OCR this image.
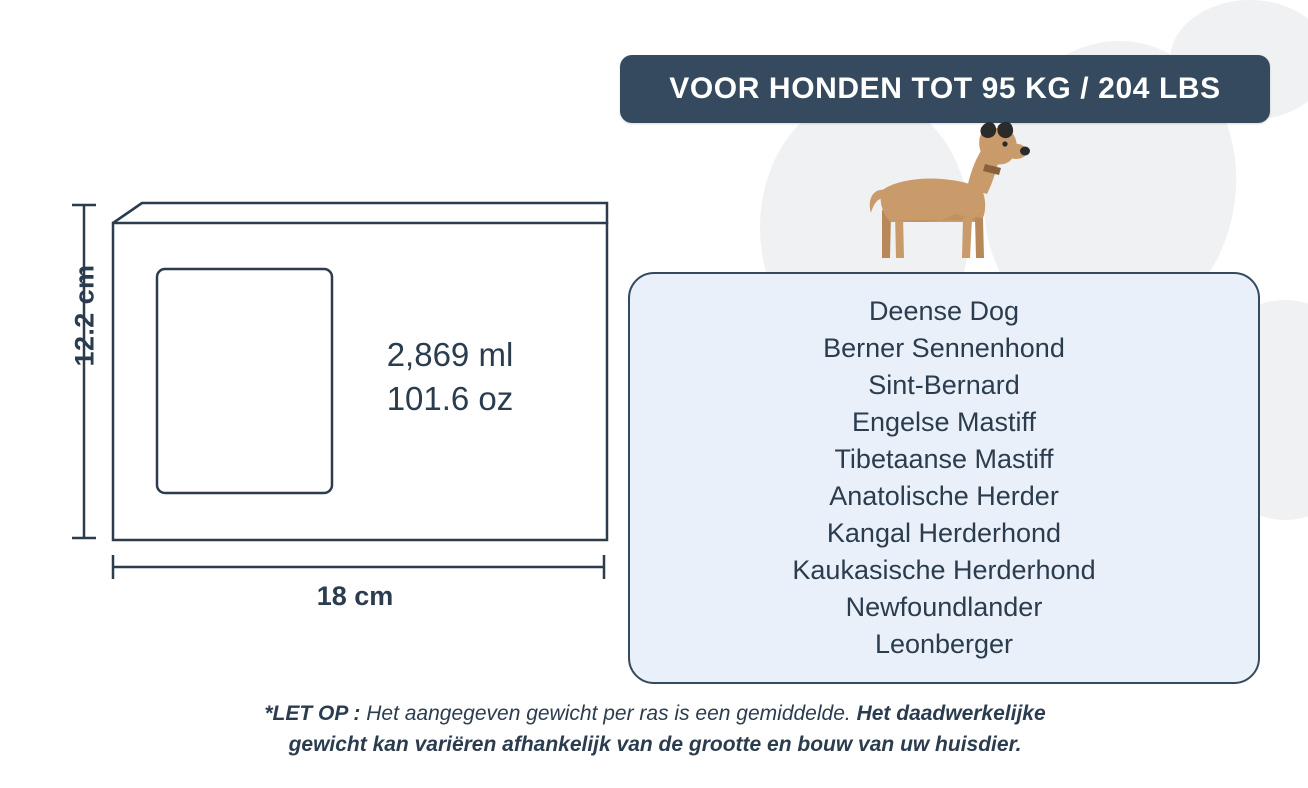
12.2 cm
18 cm
2,869 ml
101.6 oz
VOOR HONDEN TOT 95 KG / 204 LBS
Deense Dog
Berner Sennenhond
Sint-Bernard
Engelse Mastiff
Tibetaanse Mastiff
Anatolische Herder
Kangal Herderhond
Kaukasische Herderhond
Newfoundlander
Leonberger
*LET OP : Het aangegeven gewicht per ras is een gemiddelde. Het daadwerkelijke
gewicht kan variëren afhankelijk van de grootte en bouw van uw huisdier.
